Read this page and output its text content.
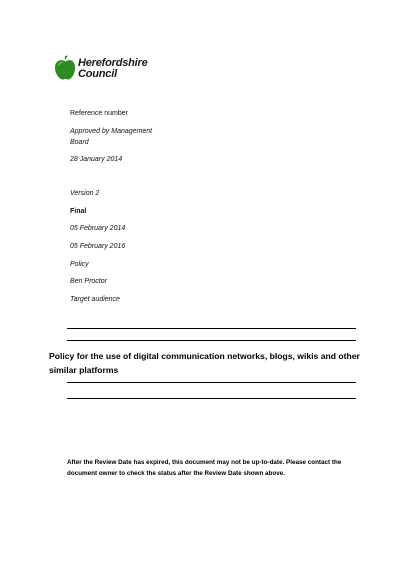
Herefordshire
Council
Reference number
Approved by Management
Board
28 January 2014
Version 2
Final
05 February 2014
05 February 2016
Policy
Ben Proctor
Target audience
Policy for the use of digital communication networks, blogs, wikis and other similar platforms
After the Review Date has expired, this document may not be up-to-date. Please contact the document owner to check the status after the Review Date shown above.
